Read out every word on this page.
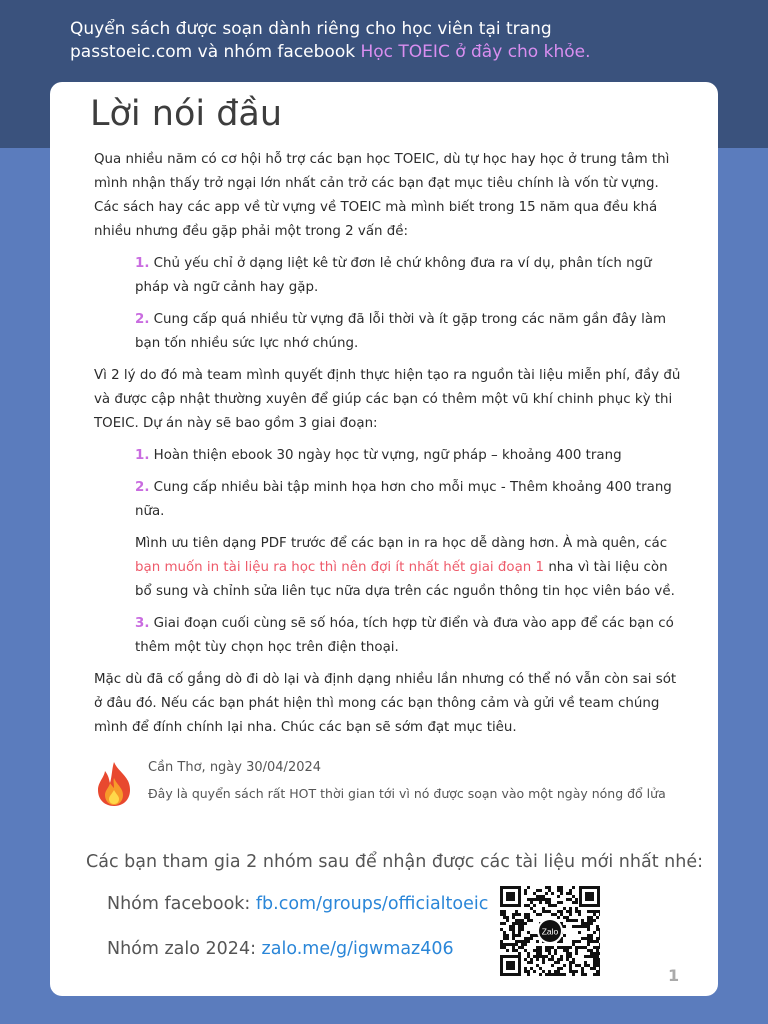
Quyển sách được soạn dành riêng cho học viên tại trang
passtoeic.com và nhóm facebook Học TOEIC ở đây cho khỏe.
Lời nói đầu

Qua nhiều năm có cơ hội hỗ trợ các bạn học TOEIC, dù tự học hay học ở trung tâm thì mình nhận thấy trở ngại lớn nhất cản trở các bạn đạt mục tiêu chính là vốn từ vựng. Các sách hay các app về từ vựng về TOEIC mà mình biết trong 15 năm qua đều khá nhiều nhưng đều gặp phải một trong 2 vấn đề:

1. Chủ yếu chỉ ở dạng liệt kê từ đơn lẻ chứ không đưa ra ví dụ, phân tích ngữ pháp và ngữ cảnh hay gặp.
2. Cung cấp quá nhiều từ vựng đã lỗi thời và ít gặp trong các năm gần đây làm bạn tốn nhiều sức lực nhớ chúng.

Vì 2 lý do đó mà team mình quyết định thực hiện tạo ra nguồn tài liệu miễn phí, đầy đủ và được cập nhật thường xuyên để giúp các bạn có thêm một vũ khí chinh phục kỳ thi TOEIC. Dự án này sẽ bao gồm 3 giai đoạn:

1. Hoàn thiện ebook 30 ngày học từ vựng, ngữ pháp – khoảng 400 trang
2. Cung cấp nhiều bài tập minh họa hơn cho mỗi mục - Thêm khoảng 400 trang nữa.
Mình ưu tiên dạng PDF trước để các bạn in ra học dễ dàng hơn. À mà quên, các bạn muốn in tài liệu ra học thì nên đợi ít nhất hết giai đoạn 1 nha vì tài liệu còn bổ sung và chỉnh sửa liên tục nữa dựa trên các nguồn thông tin học viên báo về.
3. Giai đoạn cuối cùng sẽ số hóa, tích hợp từ điển và đưa vào app để các bạn có thêm một tùy chọn học trên điện thoại.

Mặc dù đã cố gắng dò đi dò lại và định dạng nhiều lần nhưng có thể nó vẫn còn sai sót ở đâu đó. Nếu các bạn phát hiện thì mong các bạn thông cảm và gửi về team chúng mình để đính chính lại nha. Chúc các bạn sẽ sớm đạt mục tiêu.

Cần Thơ, ngày 30/04/2024
Đây là quyển sách rất HOT thời gian tới vì nó được soạn vào một ngày nóng đổ lửa
Các bạn tham gia 2 nhóm sau để nhận được các tài liệu mới nhất nhé:
Nhóm facebook: fb.com/groups/officialtoeic
Nhóm zalo 2024: zalo.me/g/igwmaz406
Zalo
1
